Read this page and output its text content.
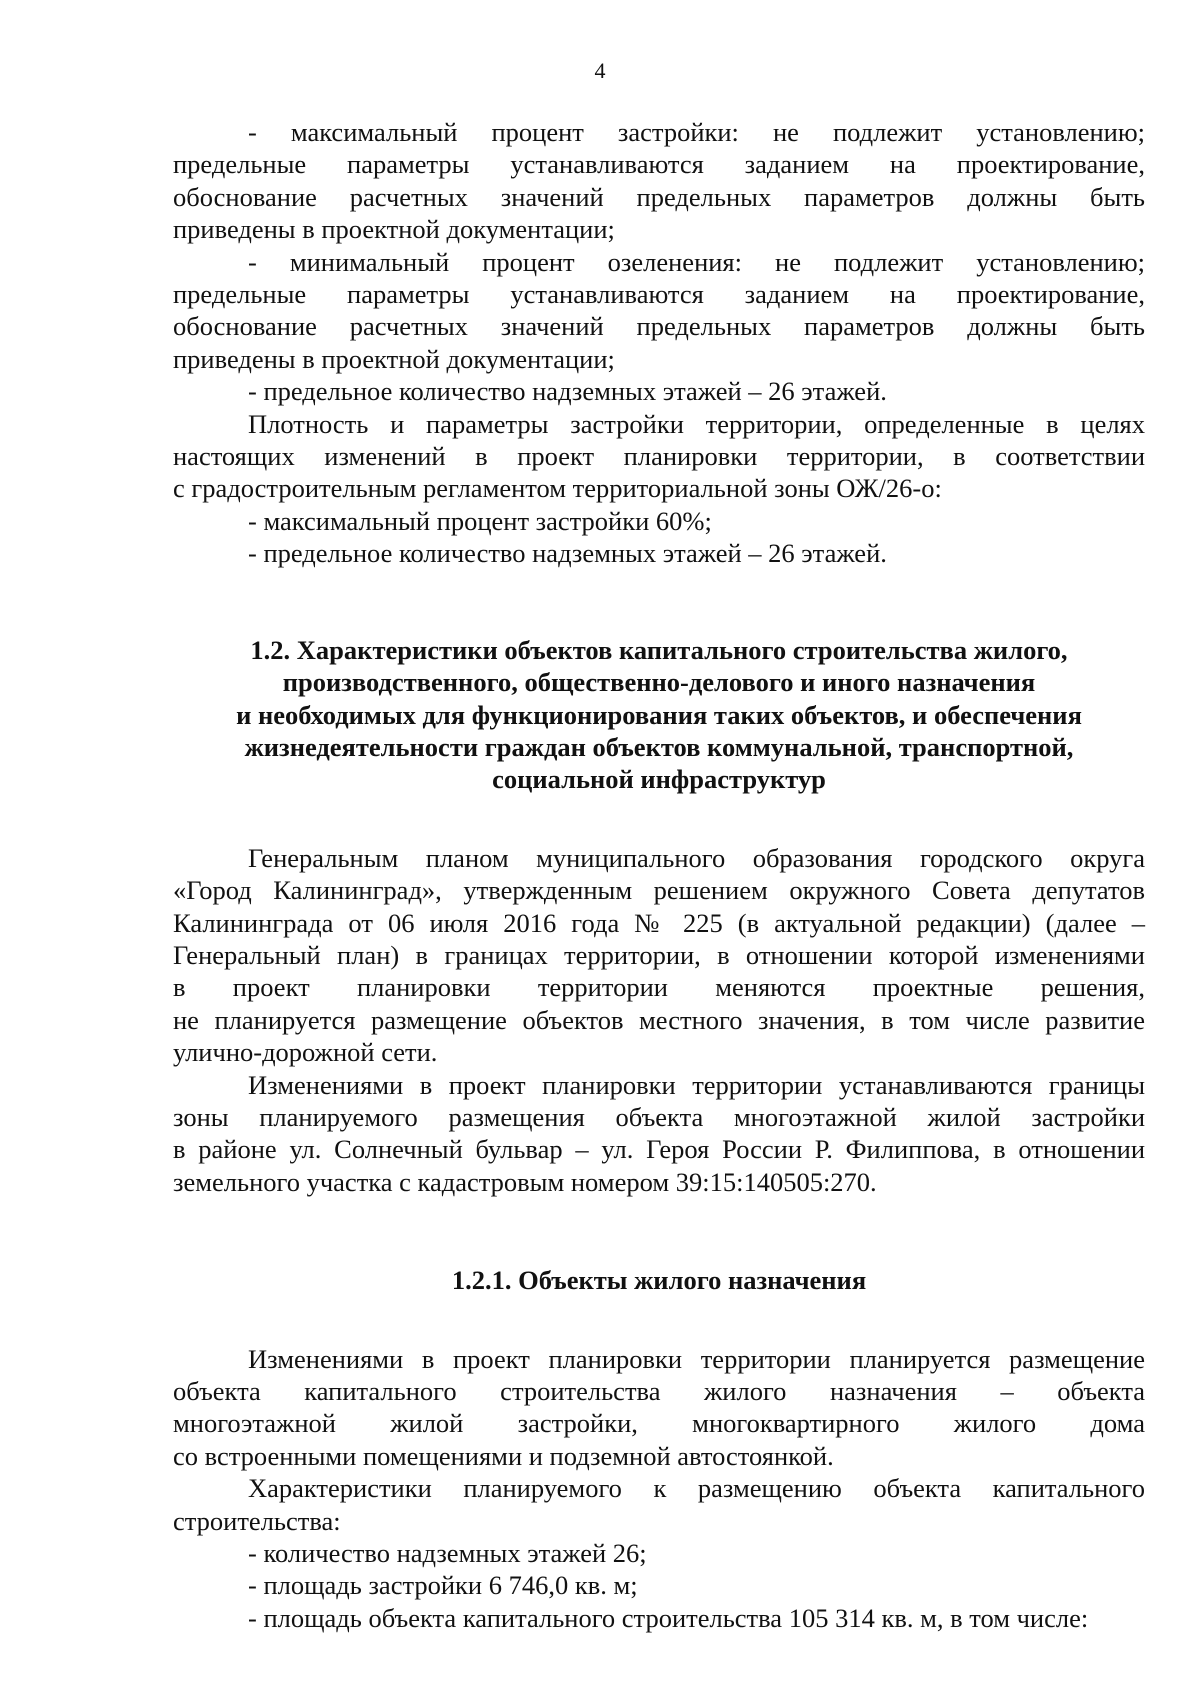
4

- максимальный процент застройки: не подлежит установлению;
предельные параметры устанавливаются заданием на проектирование,
обоснование расчетных значений предельных параметров должны быть
приведены в проектной документации;

- минимальный процент озеленения: не подлежит установлению;
предельные параметры устанавливаются заданием на проектирование,
обоснование расчетных значений предельных параметров должны быть
приведены в проектной документации;

- предельное количество надземных этажей – 26 этажей.

Плотность и параметры застройки территории, определенные в целях
настоящих изменений в проект планировки территории, в соответствии
с градостроительным регламентом территориальной зоны ОЖ/26-о:

- максимальный процент застройки 60%;

- предельное количество надземных этажей – 26 этажей.

1.2. Характеристики объектов капитального строительства жилого,
производственного, общественно-делового и иного назначения
и необходимых для функционирования таких объектов, и обеспечения
жизнедеятельности граждан объектов коммунальной, транспортной,
социальной инфраструктур

Генеральным планом муниципального образования городского округа
«Город Калининград», утвержденным решением окружного Совета депутатов
Калининграда от 06 июля 2016 года № 225 (в актуальной редакции) (далее –
Генеральный план) в границах территории, в отношении которой изменениями
в проект планировки территории меняются проектные решения,
не планируется размещение объектов местного значения, в том числе развитие
улично-дорожной сети.

Изменениями в проект планировки территории устанавливаются границы
зоны планируемого размещения объекта многоэтажной жилой застройки
в районе ул. Солнечный бульвар – ул. Героя России Р. Филиппова, в отношении
земельного участка с кадастровым номером 39:15:140505:270.

1.2.1. Объекты жилого назначения

Изменениями в проект планировки территории планируется размещение
объекта капитального строительства жилого назначения – объекта
многоэтажной жилой застройки, многоквартирного жилого дома
со встроенными помещениями и подземной автостоянкой.

Характеристики планируемого к размещению объекта капитального
строительства:

- количество надземных этажей 26;

- площадь застройки 6 746,0 кв. м;

- площадь объекта капитального строительства 105 314 кв. м, в том числе:
